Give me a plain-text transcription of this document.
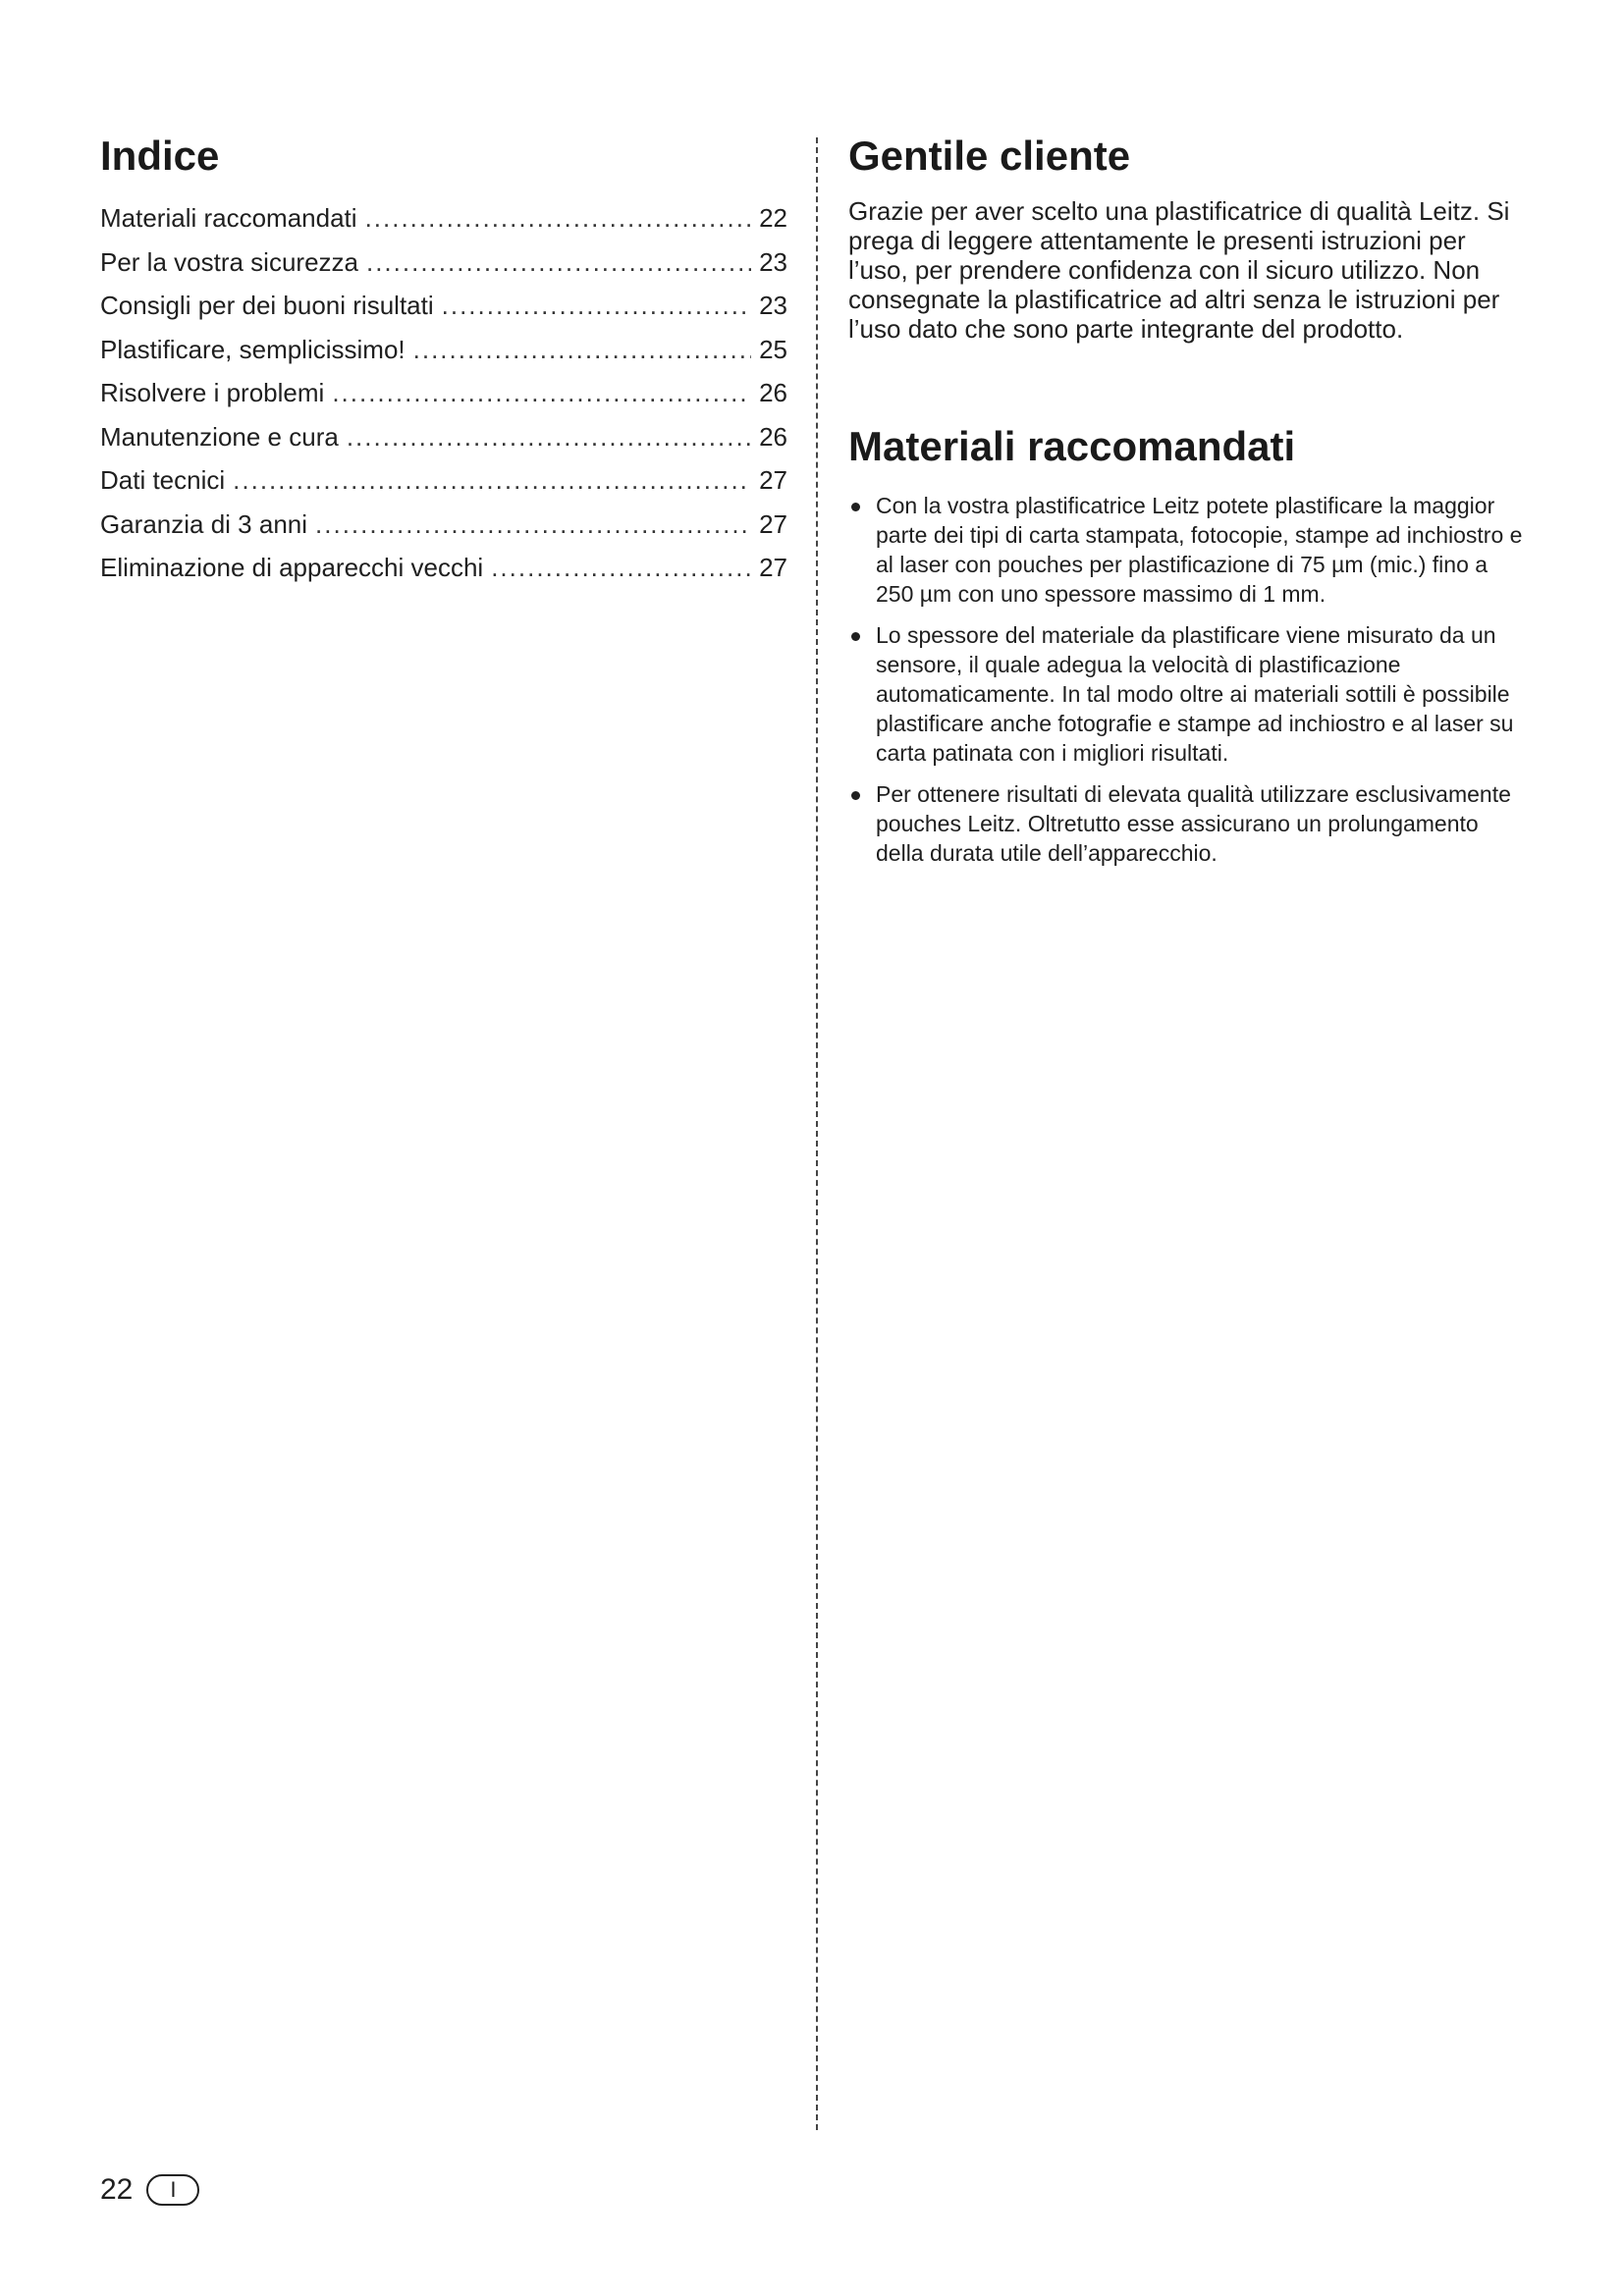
Indice
Materiali raccomandati .....	22
Per la vostra sicurezza .....	23
Consigli per dei buoni risultati .....	23
Plastificare, semplicissimo! .....	25
Risolvere i problemi .....	26
Manutenzione e cura .....	26
Dati tecnici .....	27
Garanzia di 3 anni .....	27
Eliminazione di apparecchi vecchi .....	27
Gentile cliente

Grazie per aver scelto una plastificatrice di qualità Leitz. Si prega di leggere attentamente le presenti istruzioni per l’uso, per prendere confidenza con il sicuro utilizzo. Non consegnate la plastificatrice ad altri senza le istruzioni per l’uso dato che sono parte integrante del prodotto.

Materiali raccomandati
Con la vostra plastificatrice Leitz potete plastificare la maggior parte dei tipi di carta stampata, fotocopie, stampe ad inchiostro e al laser con pouches per plastificazione di 75 µm (mic.) fino a 250 µm con uno spessore massimo di 1 mm.
Lo spessore del materiale da plastificare viene misurato da un sensore, il quale adegua la velocità di plastificazione automaticamente. In tal modo oltre ai materiali sottili è possibile plastificare anche fotografie e stampe ad inchiostro e al laser su carta patinata con i migliori risultati.
Per ottenere risultati di elevata qualità utilizzare esclusivamente pouches Leitz. Oltretutto esse assicurano un prolungamento della durata utile dell’apparecchio.
22 I
